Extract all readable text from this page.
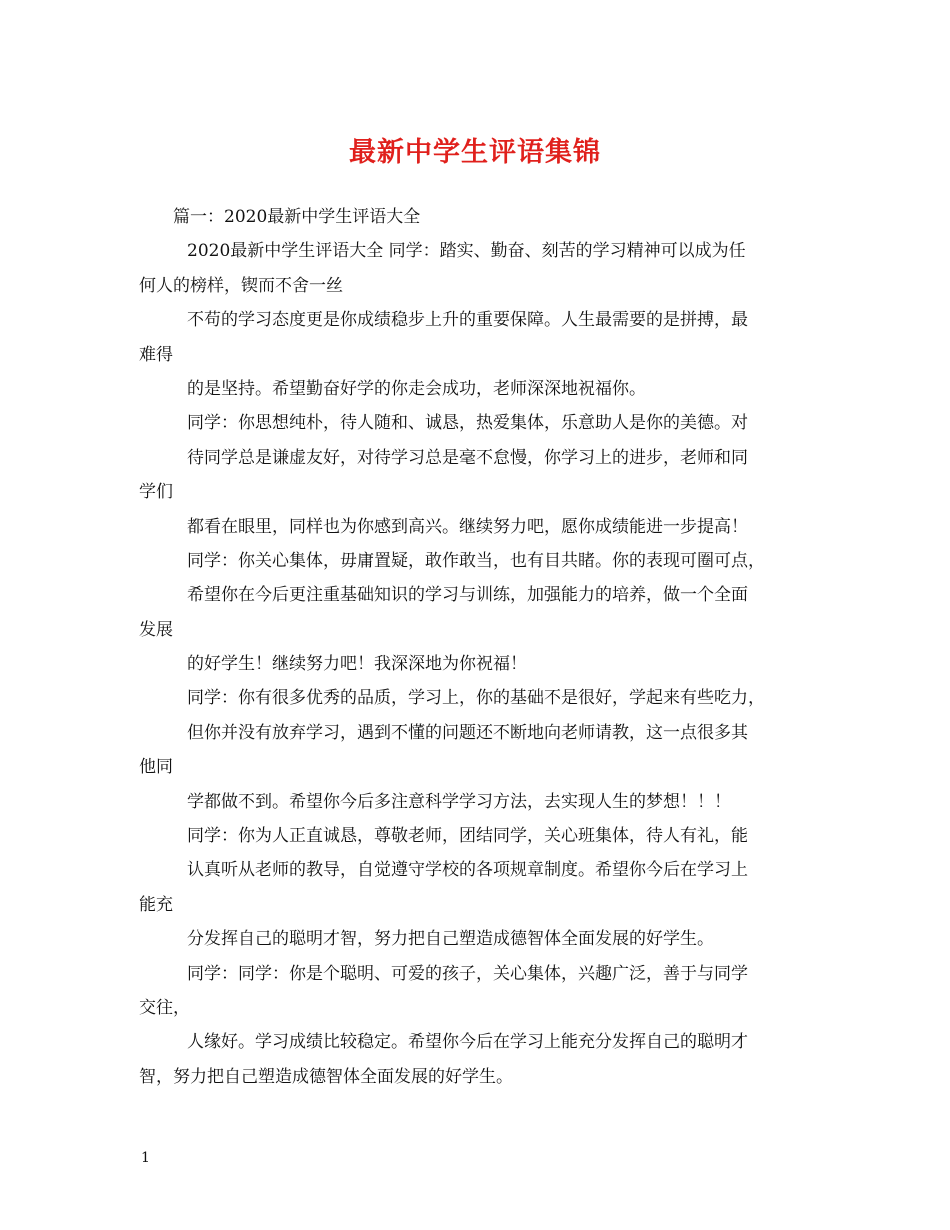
最新中学生评语集锦
篇一：2020最新中学生评语大全
2020最新中学生评语大全 同学：踏实、勤奋、刻苦的学习精神可以成为任
何人的榜样，锲而不舍一丝
不苟的学习态度更是你成绩稳步上升的重要保障。人生最需要的是拼搏，最
难得
的是坚持。希望勤奋好学的你走会成功，老师深深地祝福你。
同学：你思想纯朴，待人随和、诚恳，热爱集体，乐意助人是你的美德。对
待同学总是谦虚友好，对待学习总是毫不怠慢，你学习上的进步，老师和同
学们
都看在眼里，同样也为你感到高兴。继续努力吧，愿你成绩能进一步提高！
同学：你关心集体，毋庸置疑，敢作敢当，也有目共睹。你的表现可圈可点，
希望你在今后更注重基础知识的学习与训练，加强能力的培养，做一个全面
发展
的好学生！继续努力吧！我深深地为你祝福！
同学：你有很多优秀的品质，学习上，你的基础不是很好，学起来有些吃力，
但你并没有放弃学习，遇到不懂的问题还不断地向老师请教，这一点很多其
他同
学都做不到。希望你今后多注意科学学习方法，去实现人生的梦想！！！
同学：你为人正直诚恳，尊敬老师，团结同学，关心班集体，待人有礼，能
认真听从老师的教导，自觉遵守学校的各项规章制度。希望你今后在学习上
能充
分发挥自己的聪明才智，努力把自己塑造成德智体全面发展的好学生。
同学：同学：你是个聪明、可爱的孩子，关心集体，兴趣广泛，善于与同学
交往，
人缘好。学习成绩比较稳定。希望你今后在学习上能充分发挥自己的聪明才
智，努力把自己塑造成德智体全面发展的好学生。
1
